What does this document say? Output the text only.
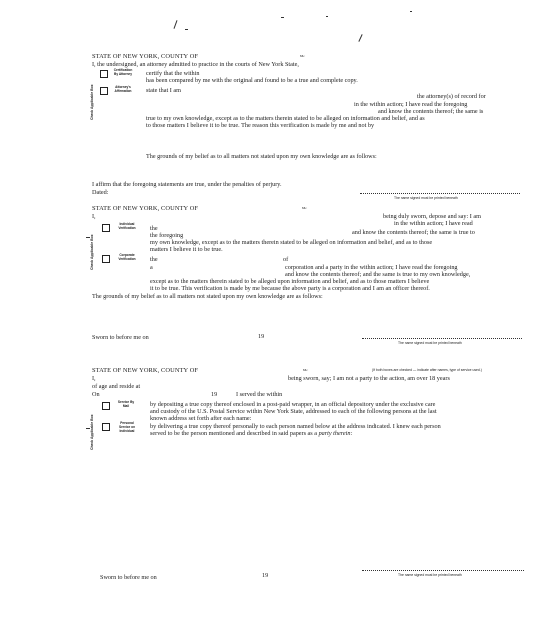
STATE OF NEW YORK, COUNTY OF	ss.:
I, the undersigned, an attorney admitted to practice in the courts of New York State,
Check Applicable Box
Certification By Attorney	certify that the within
has been compared by me with the original and found to be a true and complete copy.
Attorney's Affirmation	state that I am
the attorney(s) of record for
in the within action; I have read the foregoing
and know the contents thereof; the same is
true to my own knowledge, except as to the matters therein stated to be alleged on information and belief, and as
to those matters I believe it to be true. The reason this verification is made by me and not by
The grounds of my belief as to all matters not stated upon my own knowledge are as follows:
I affirm that the foregoing statements are true, under the penalties of perjury.
Dated:
The name signed must be printed beneath
STATE OF NEW YORK, COUNTY OF	ss.:
I,	being duly sworn, depose and say: I am
Check Applicable Box
Individual Verification	the
in the within action; I have read
the foregoing	and know the contents thereof; the same is true to
my own knowledge, except as to the matters therein stated to be alleged on information and belief, and as to those
matters I believe it to be true.
Corporate Verification	the	of
a	corporation and a party in the within action; I have read the foregoing
and know the contents thereof; and the same is true to my own knowledge,
except as to the matters therein stated to be alleged upon information and belief, and as to those matters I believe
it to be true. This verification is made by me because the above party is a corporation and I am an officer thereof.
The grounds of my belief as to all matters not stated upon my own knowledge are as follows:
Sworn to before me on	19
The name signed must be printed beneath
STATE OF NEW YORK, COUNTY OF	ss.:	(If both boxes are checked — indicate after names, type of service used.)
I,	being sworn, say; I am not a party to the action, am over 18 years
of age and reside at
On	19	I served the within
Check Applicable Box
Service By Mail	by depositing a true copy thereof enclosed in a post-paid wrapper, in an official depository under the exclusive care
and custody of the U.S. Postal Service within New York State, addressed to each of the following persons at the last
known address set forth after each name:
Personal Service on Individual
by delivering a true copy thereof personally to each person named below at the address indicated. I knew each person
served to be the person mentioned and described in said papers as a party therein:
Sworn to before me on	19	The name signed must be printed beneath
